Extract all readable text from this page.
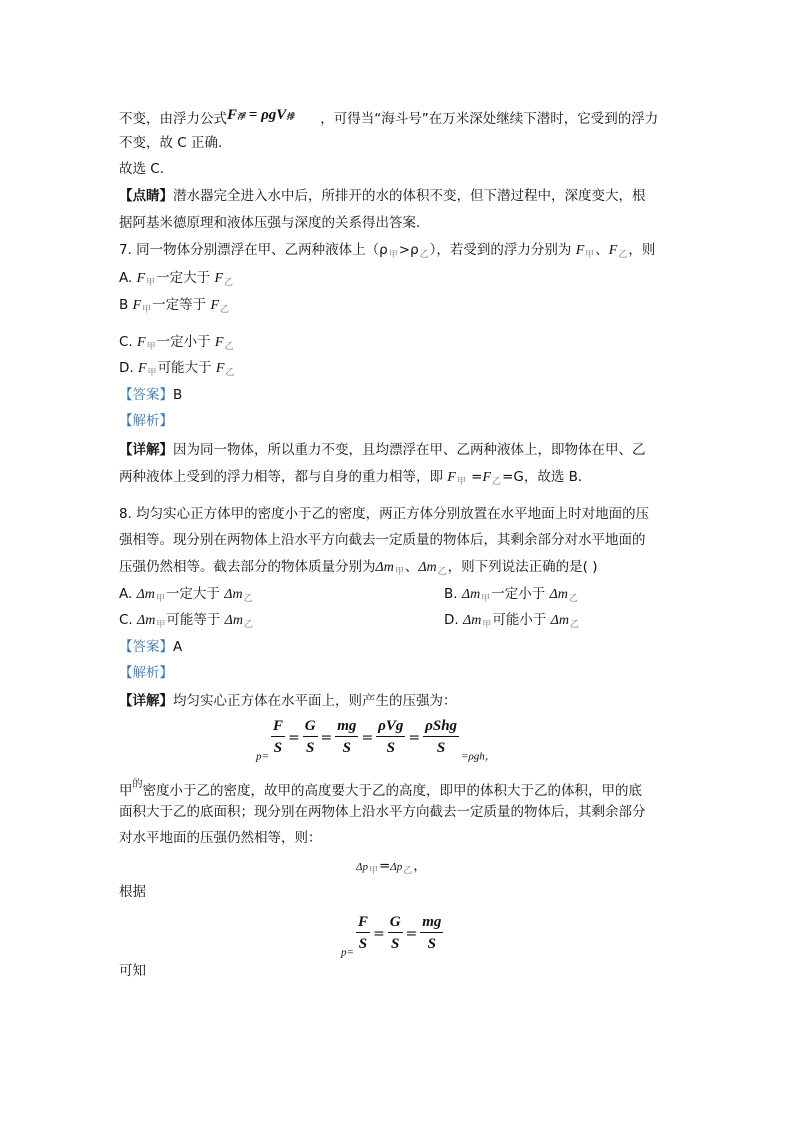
不变，由浮力公式F浮 = ρgV排 ，可得当“海斗号”在万米深处继续下潜时，它受到的浮力
不变，故 C 正确．
故选 C.
【点睛】潜水器完全进入水中后，所排开的水的体积不变，但下潜过程中，深度变大，根
据阿基米德原理和液体压强与深度的关系得出答案．
7. 同一物体分别漂浮在甲、乙两种液体上$(\rho_甲>\rho_乙)$，若受到的浮力分别为 $F_甲$、$F_乙$，则
A. $F_甲$一定大于 $F_乙$
B $F_甲$一定等于 $F_乙$
C. $F_甲$一定小于 $F_乙$
D. $F_甲$可能大于 $F_乙$
【答案】B
【解析】
【详解】因为同一物体，所以重力不变，且均漂浮在甲、乙两种液体上，即物体在甲、乙
两种液体上受到的浮力相等，都与自身的重力相等，即 $F_甲 =F_乙=G$，故选 B．
8. 均匀实心正方体甲的密度小于乙的密度，两正方体分别放置在水平地面上时对地面的压
强相等。现分别在两物体上沿水平方向截去一定质量的物体后，其剩余部分对水平地面的
压强仍然相等。截去部分的物体质量分别为$\Delta m_甲$、$\Delta m_乙$，则下列说法正确的是( )
A. $\Delta m_甲$一定大于 $\Delta m_乙$	B. $\Delta m_甲$一定小于 $\Delta m_乙$
C. $\Delta m_甲$可能等于 $\Delta m_乙$	D. $\Delta m_甲$可能小于 $\Delta m_乙$
【答案】A
【解析】
【详解】均匀实心正方体在水平面上，则产生的压强为：
$_{p=} \frac{F}{S} = \frac{G}{S} = \frac{mg}{S} = \frac{\text{ρVg}}{S} = \frac{\text{ρShg}}{S} _{=\rho gh,}$
甲$^的$密度小于乙的密度，故甲的高度要大于乙的高度，即甲的体积大于乙的体积，甲的底
面积大于乙的底面积；现分别在两物体上沿水平方向截去一定质量的物体后，其剩余部分
对水平地面的压强仍然相等，则：
$\Delta p_甲=\Delta p_乙$，
根据
$_{p=} \frac{F}{S} = \frac{G}{S} = \frac{mg}{S}$
可知
